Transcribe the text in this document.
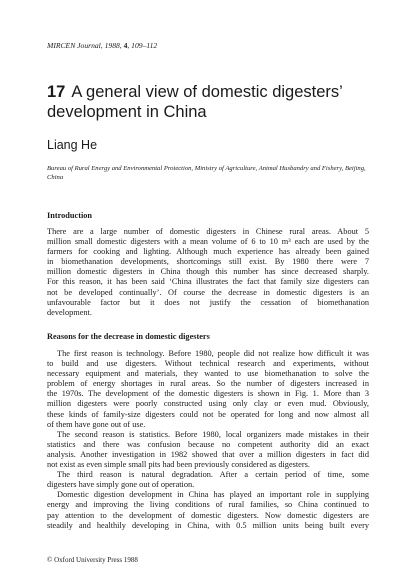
MIRCEN Journal, 1988, 4, 109–112
17 A general view of domestic digesters’ development in China
Liang He
Bureau of Rural Energy and Environmental Protection, Ministry of Agriculture, Animal Husbandry and Fishery, Beijing, China
Introduction
There are a large number of domestic digesters in Chinese rural areas. About 5
million small domestic digesters with a mean volume of 6 to 10 m³ each are used by the
farmers for cooking and lighting. Although much experience has already been gained
in biomethanation developments, shortcomings still exist. By 1980 there were 7
million domestic digesters in China though this number has since decreased sharply.
For this reason, it has been said ‘China illustrates the fact that family size digesters can
not be developed continually’. Of course the decrease in domestic digesters is an
unfavourable factor but it does not justify the cessation of biomethanation
development.
Reasons for the decrease in domestic digesters
The first reason is technology. Before 1980, people did not realize how difficult it was
to build and use digesters. Without technical research and experiments, without
necessary equipment and materials, they wanted to use biomethanation to solve the
problem of energy shortages in rural areas. So the number of digesters increased in
the 1970s. The development of the domestic digesters is shown in Fig. 1. More than 3
million digesters were poorly constructed using only clay or even mud. Obviously,
these kinds of family-size digesters could not be operated for long and now almost all
of them have gone out of use.
The second reason is statistics. Before 1980, local organizers made mistakes in their
statistics and there was confusion because no competent authority did an exact
analysis. Another investigation in 1982 showed that over a million digesters in fact did
not exist as even simple small pits had been previously considered as digesters.
The third reason is natural degradation. After a certain period of time, some
digesters have simply gone out of operation.
Domestic digestion development in China has played an important role in supplying
energy and improving the living conditions of rural families, so China continued to
pay attention to the development of domestic digesters. Now domestic digesters are
steadily and healthily developing in China, with 0.5 million units being built every
© Oxford University Press 1988
